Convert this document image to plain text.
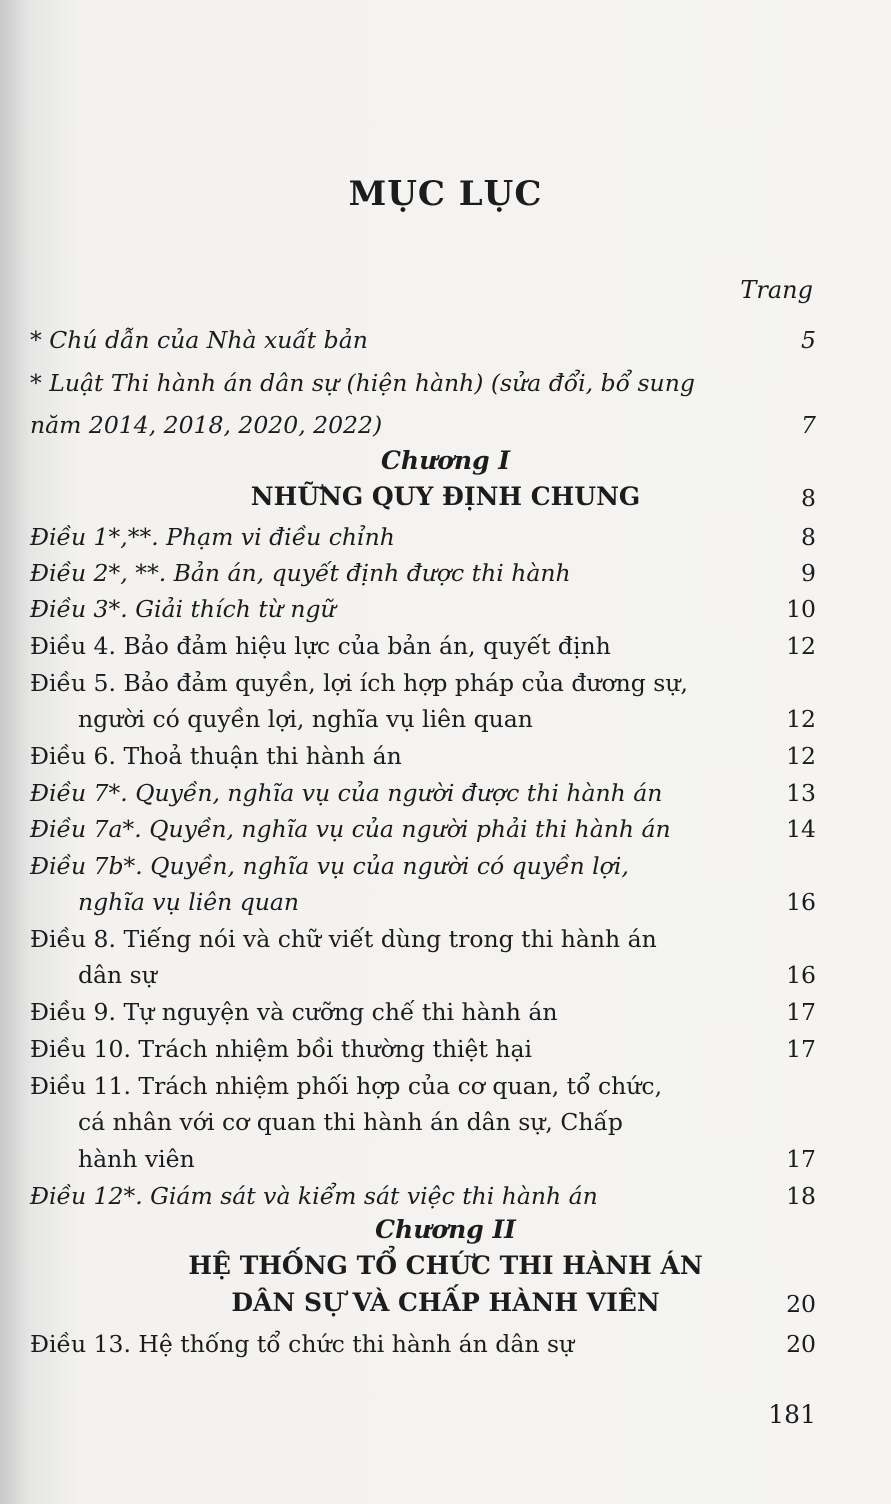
MỤC LỤC
Trang
* Chú dẫn của Nhà xuất bản	5
* Luật Thi hành án dân sự (hiện hành) (sửa đổi, bổ sung
năm 2014, 2018, 2020, 2022)	7
Chương I
NHỮNG QUY ĐỊNH CHUNG	8
Điều 1*,**. Phạm vi điều chỉnh	8
Điều 2*, **. Bản án, quyết định được thi hành	9
Điều 3*. Giải thích từ ngữ	10
Điều 4. Bảo đảm hiệu lực của bản án, quyết định	12
Điều 5. Bảo đảm quyền, lợi ích hợp pháp của đương sự,
người có quyền lợi, nghĩa vụ liên quan	12
Điều 6. Thoả thuận thi hành án	12
Điều 7*. Quyền, nghĩa vụ của người được thi hành án	13
Điều 7a*. Quyền, nghĩa vụ của người phải thi hành án	14
Điều 7b*. Quyền, nghĩa vụ của người có quyền lợi,
nghĩa vụ liên quan	16
Điều 8. Tiếng nói và chữ viết dùng trong thi hành án
dân sự	16
Điều 9. Tự nguyện và cưỡng chế thi hành án	17
Điều 10. Trách nhiệm bồi thường thiệt hại	17
Điều 11. Trách nhiệm phối hợp của cơ quan, tổ chức,
cá nhân với cơ quan thi hành án dân sự, Chấp
hành viên	17
Điều 12*. Giám sát và kiểm sát việc thi hành án	18
Chương II
HỆ THỐNG TỔ CHỨC THI HÀNH ÁN
DÂN SỰ VÀ CHẤP HÀNH VIÊN	20
Điều 13. Hệ thống tổ chức thi hành án dân sự	20
181
